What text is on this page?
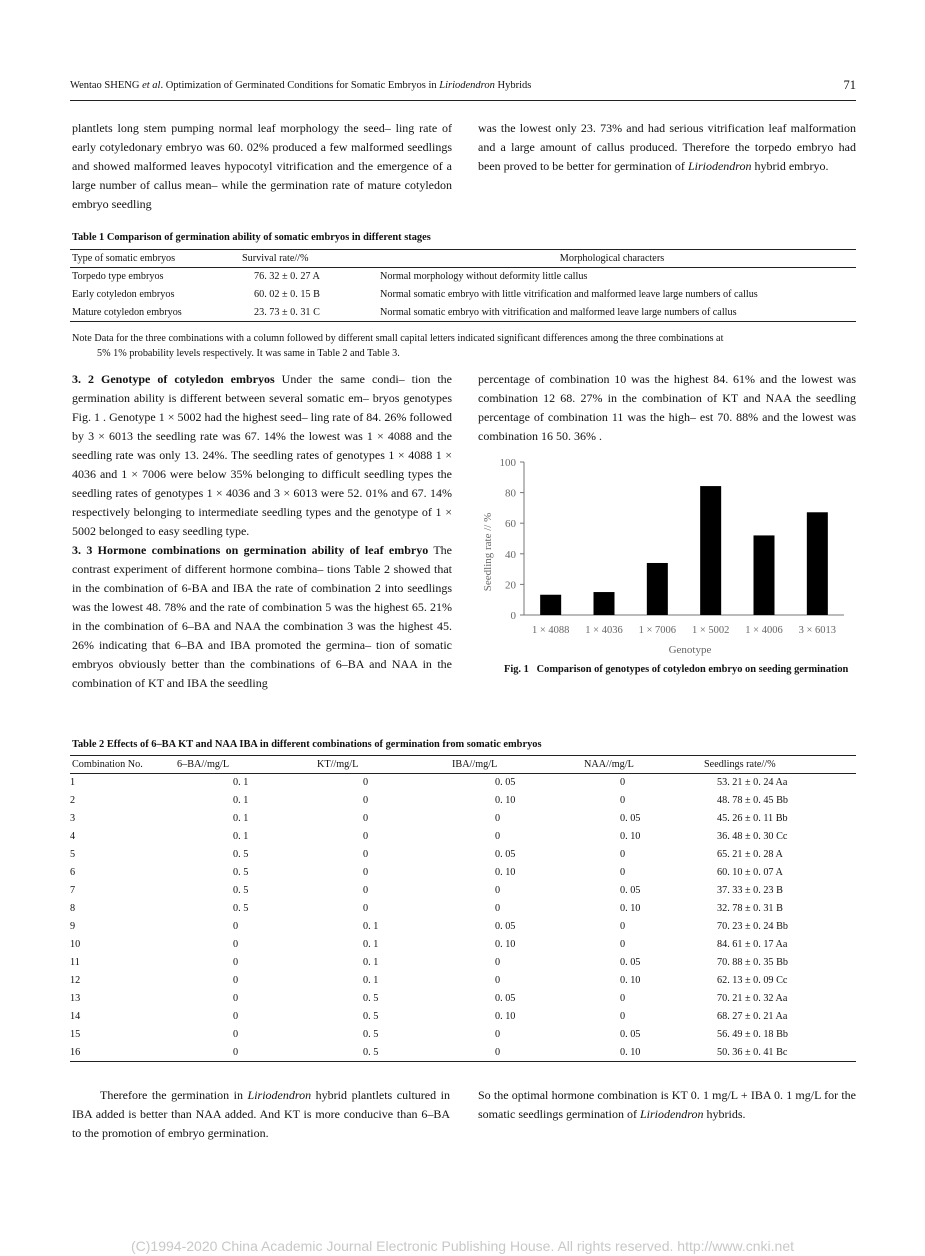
Wentao SHENG et al. Optimization of Germinated Conditions for Somatic Embryos in Liriodendron Hybrids	71

plantlets long stem pumping normal leaf morphology the seed– ling rate of early cotyledonary embryo was 60. 02% produced a few malformed seedlings and showed malformed leaves hypocotyl vitrification and the emergence of a large number of callus mean– while the germination rate of mature cotyledon embryo seedling

was the lowest only 23. 73% and had serious vitrification leaf malformation and a large amount of callus produced. Therefore the torpedo embryo had been proved to be better for germination of Liriodendron hybrid embryo.

Table 1 Comparison of germination ability of somatic embryos in different stages
Type of somatic embryos	Survival rate//%	Morphological characters
Torpedo type embryos	76. 32 ± 0. 27 A	Normal morphology without deformity little callus
Early cotyledon embryos	60. 02 ± 0. 15 B	Normal somatic embryo with little vitrification and malformed leave large numbers of callus
Mature cotyledon embryos	23. 73 ± 0. 31 C	Normal somatic embryo with vitrification and malformed leave large numbers of callus
Note Data for the three combinations with a column followed by different small capital letters indicated significant differences among the three combinations at
5% 1% probability levels respectively. It was same in Table 2 and Table 3.

3. 2 Genotype of cotyledon embryos Under the same condi– tion the germination ability is different between several somatic em– bryos genotypes Fig. 1 . Genotype 1 × 5002 had the highest seed– ling rate of 84. 26% followed by 3 × 6013 the seedling rate was 67. 14% the lowest was 1 × 4088 and the seedling rate was only 13. 24%. The seedling rates of genotypes 1 × 4088 1 × 4036 and 1 × 7006 were below 35% belonging to difficult seedling types the seedling rates of genotypes 1 × 4036 and 3 × 6013 were 52. 01% and 67. 14% respectively belonging to intermediate seedling types and the genotype of 1 × 5002 belonged to easy seedling type.

3. 3 Hormone combinations on germination ability of leaf embryo The contrast experiment of different hormone combina– tions Table 2 showed that in the combination of 6-BA and IBA the rate of combination 2 into seedlings was the lowest 48. 78% and the rate of combination 5 was the highest 65. 21% in the combination of 6–BA and NAA the combination 3 was the highest 45. 26% indicating that 6–BA and IBA promoted the germina– tion of somatic embryos obviously better than the combinations of 6–BA and NAA in the combination of KT and IBA the seedling

percentage of combination 10 was the highest 84. 61% and the lowest was combination 12 68. 27% in the combination of KT and NAA the seedling percentage of combination 11 was the high– est 70. 88% and the lowest was combination 16 50. 36% .

0
20
40
60
80
100
1 × 4088 1 × 4036 1 × 7006 1 × 5002 1 × 4006 3 × 6013
Seedling rate // %
Genotype
Fig. 1 Comparison of genotypes of cotyledon embryo on seeding germination
Table 2 Effects of 6–BA KT and NAA IBA in different combinations of germination from somatic embryos
Combination No.	6–BA//mg/L	KT//mg/L	IBA//mg/L	NAA//mg/L	Seedlings rate//%
1	0. 1	0	0. 05	0	53. 21 ± 0. 24 Aa
2	0. 1	0	0. 10	0	48. 78 ± 0. 45 Bb
3	0. 1	0	0	0. 05	45. 26 ± 0. 11 Bb
4	0. 1	0	0	0. 10	36. 48 ± 0. 30 Cc
5	0. 5	0	0. 05	0	65. 21 ± 0. 28 A
6	0. 5	0	0. 10	0	60. 10 ± 0. 07 A
7	0. 5	0	0	0. 05	37. 33 ± 0. 23 B
8	0. 5	0	0	0. 10	32. 78 ± 0. 31 B
9	0	0. 1	0. 05	0	70. 23 ± 0. 24 Bb
10	0	0. 1	0. 10	0	84. 61 ± 0. 17 Aa
11	0	0. 1	0	0. 05	70. 88 ± 0. 35 Bb
12	0	0. 1	0	0. 10	62. 13 ± 0. 09 Cc
13	0	0. 5	0. 05	0	70. 21 ± 0. 32 Aa
14	0	0. 5	0. 10	0	68. 27 ± 0. 21 Aa
15	0	0. 5	0	0. 05	56. 49 ± 0. 18 Bb
16	0	0. 5	0	0. 10	50. 36 ± 0. 41 Bc

Therefore the germination in Liriodendron hybrid plantlets cultured in IBA added is better than NAA added. And KT is more conducive than 6–BA to the promotion of embryo germination.

So the optimal hormone combination is KT 0. 1 mg/L + IBA 0. 1 mg/L for the somatic seedlings germination of Liriodendron hybrids.

(C)1994-2020 China Academic Journal Electronic Publishing House. All rights reserved. http://www.cnki.net
